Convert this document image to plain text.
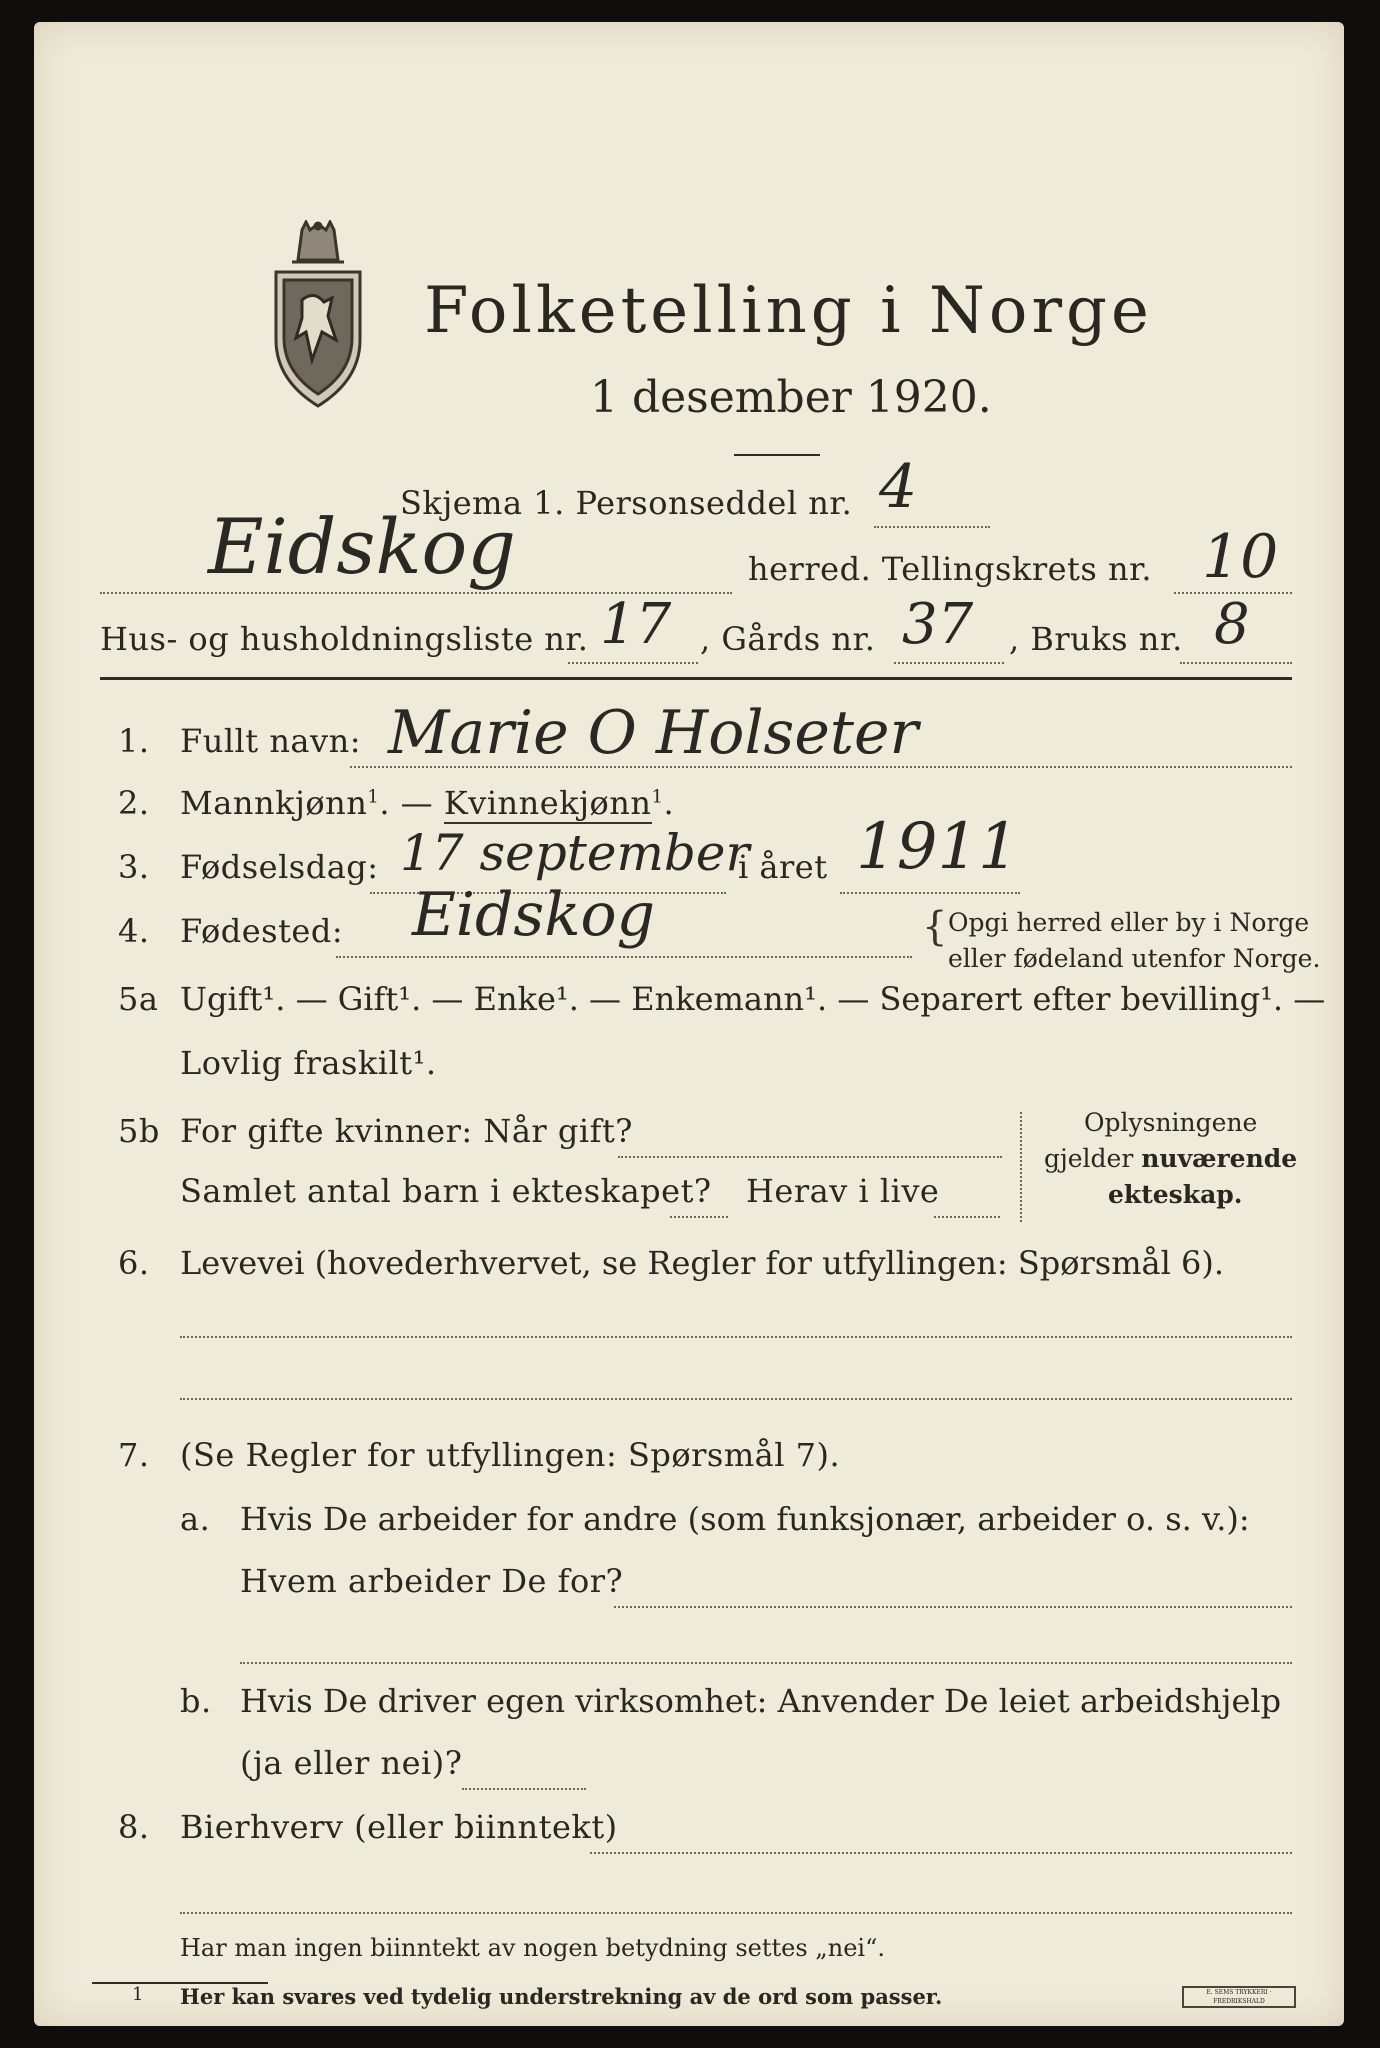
Folketelling i Norge
1 desember 1920.
Skjema 1. Personseddel nr. 4
Eidskog	herred. Tellingskrets nr. 10
Hus- og husholdningsliste nr. 17 , Gårds nr. 37 , Bruks nr. 8
1. Fullt navn: Marie O Holseter
2. Mannkjønn$^1$. — Kvinnekjønn$^1$.
3. Fødselsdag: 17 september
i året 1911
4. Fødested: Eidskog	{ Opgi herred eller by i Norge
eller fødeland utenfor Norge.
5a Ugift¹. — Gift¹. — Enke¹. — Enkemann¹. — Separert efter bevilling¹. —
Lovlig fraskilt¹.
5b For gifte kvinner: Når gift?
Samlet antal barn i ekteskapet? Herav i live
Oplysningene
gjelder nuværende
ekteskap.
6. Levevei (hovederhvervet, se Regler for utfyllingen: Spørsmål 6).
7. (Se Regler for utfyllingen: Spørsmål 7).
a. Hvis De arbeider for andre (som funksjonær, arbeider o. s. v.):
Hvem arbeider De for?
b. Hvis De driver egen virksomhet: Anvender De leiet arbeidshjelp
(ja eller nei)?
8. Bierhverv (eller biinntekt)
Har man ingen biinntekt av nogen betydning settes „nei“.
1 Her kan svares ved tydelig understrekning av de ord som passer.	E. SEMS TRYKKERI · FREDRIKSHALD
